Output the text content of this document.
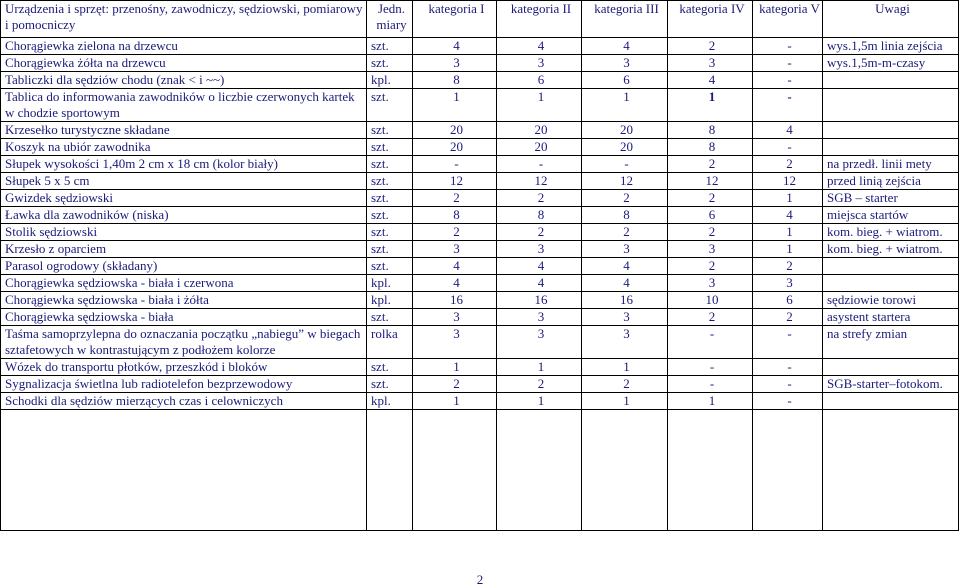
Urządzenia i sprzęt: przenośny, zawodniczy, sędziowski, pomiarowy i pomocniczy	Jedn. miary	kategoria I	kategoria II	kategoria III	kategoria IV	kategoria V	Uwagi
Chorągiewka zielona na drzewcu	szt.	4	4	4	2	-	wys.1,5m linia zejścia
Chorągiewka żółta na drzewcu	szt.	3	3	3	3	-	wys.1,5m-m-czasy
Tabliczki dla sędziów chodu (znak < i ~~)	kpl.	8	6	6	4	-	
Tablica do informowania zawodników o liczbie czerwonych kartek w chodzie sportowym	szt.	1	1	1	1	-	
Krzesełko turystyczne składane	szt.	20	20	20	8	4	
Koszyk na ubiór zawodnika	szt.	20	20	20	8	-	
Słupek wysokości 1,40m 2 cm x 18 cm (kolor biały)	szt.	-	-	-	2	2	na przedł. linii mety
Słupek 5 x 5 cm	szt.	12	12	12	12	12	przed linią zejścia
Gwizdek sędziowski	szt.	2	2	2	2	1	SGB – starter
Ławka dla zawodników (niska)	szt.	8	8	8	6	4	miejsca startów
Stolik sędziowski	szt.	2	2	2	2	1	kom. bieg. + wiatrom.
Krzesło z oparciem	szt.	3	3	3	3	1	kom. bieg. + wiatrom.
Parasol ogrodowy (składany)	szt.	4	4	4	2	2	
Chorągiewka sędziowska - biała i czerwona	kpl.	4	4	4	3	3	
Chorągiewka sędziowska - biała i żółta	kpl.	16	16	16	10	6	sędziowie torowi
Chorągiewka sędziowska - biała	szt.	3	3	3	2	2	asystent startera
Taśma samoprzylepna do oznaczania początku „nabiegu” w biegach sztafetowych w kontrastującym z podłożem kolorze	rolka	3	3	3	-	-	na strefy zmian
Wózek do transportu płotków, przeszkód i bloków	szt.	1	1	1	-	-	
Sygnalizacja świetlna lub radiotelefon bezprzewodowy	szt.	2	2	2	-	-	SGB-starter–fotokom.
Schodki dla sędziów mierzących czas i celowniczych	kpl.	1	1	1	1	-	

2
